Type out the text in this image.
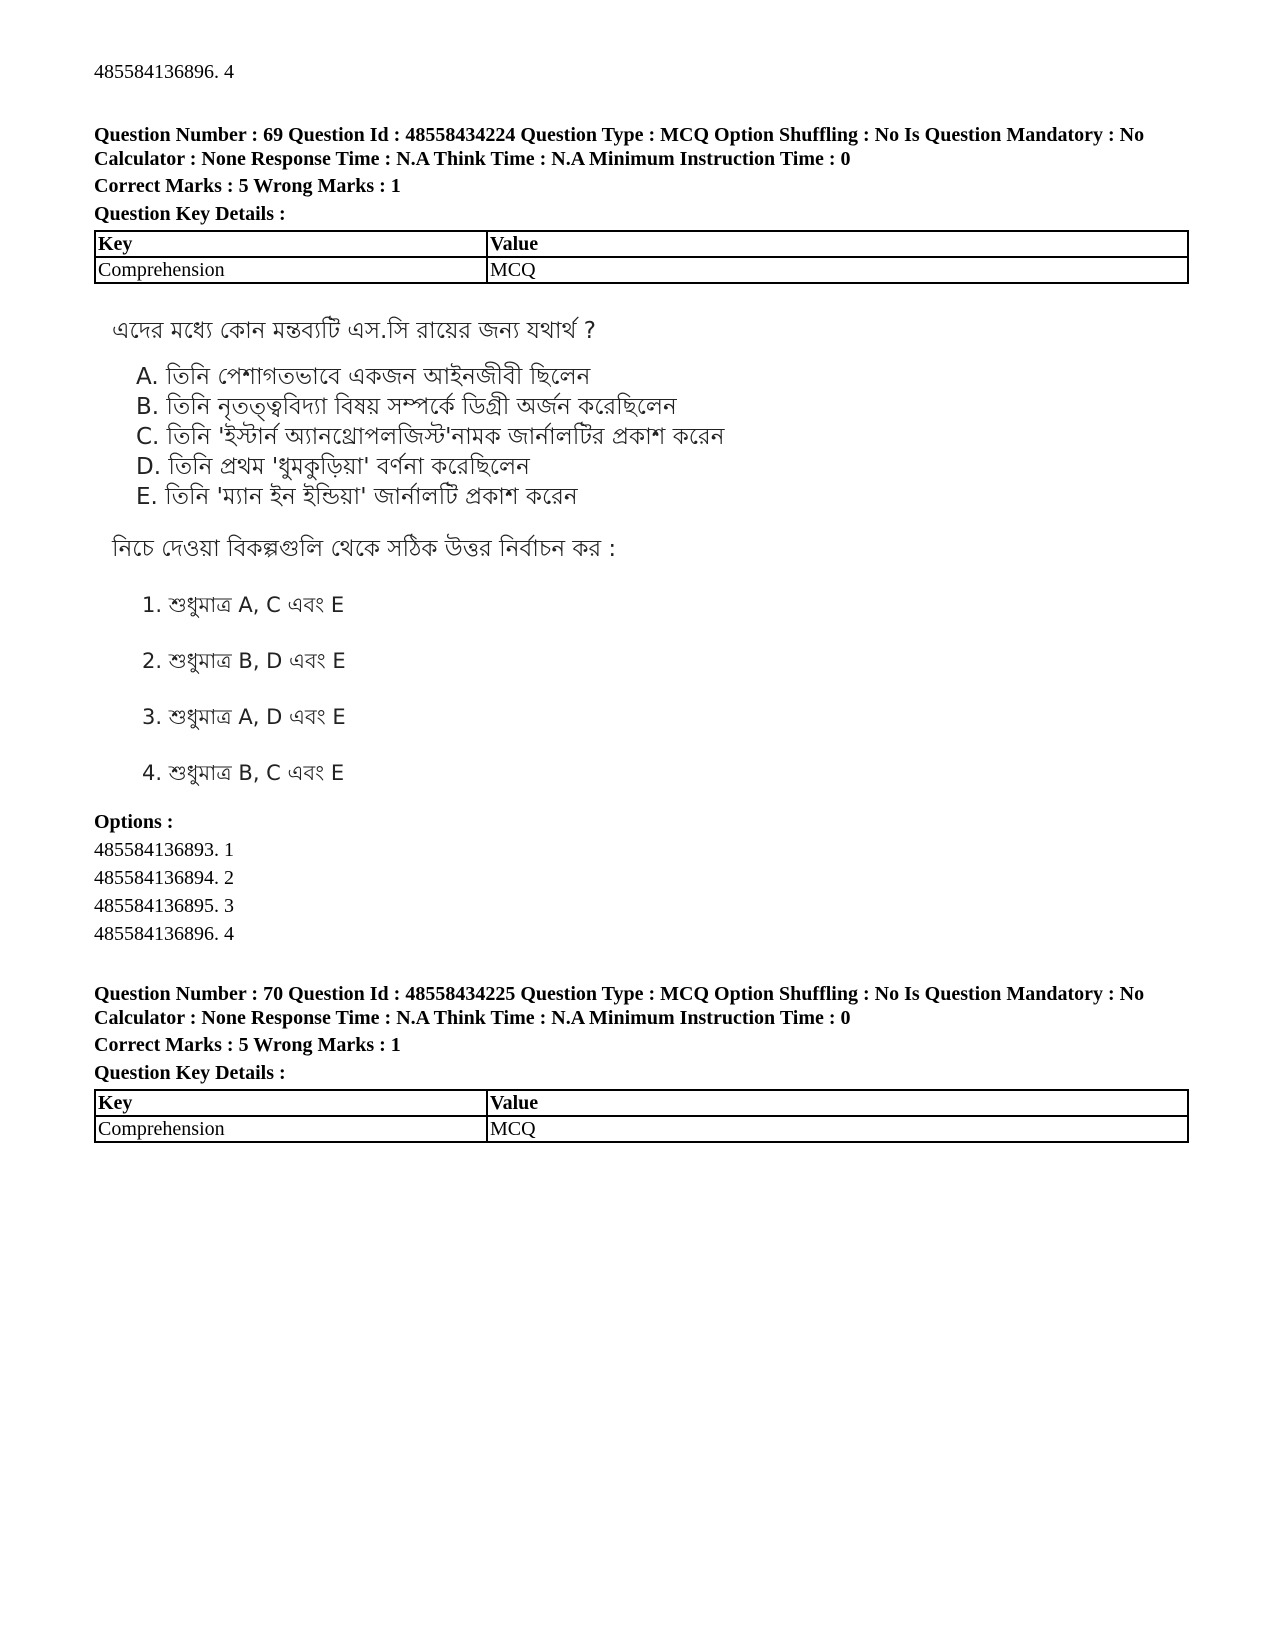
485584136896. 4
Question Number : 69 Question Id : 48558434224 Question Type : MCQ Option Shuffling : No Is Question Mandatory : No Calculator : None Response Time : N.A Think Time : N.A Minimum Instruction Time : 0
Correct Marks : 5 Wrong Marks : 1
Question Key Details :
Key	Value
Comprehension	MCQ
এদের মধ্যে কোন মন্তব্যটি এস.সি রায়ের জন্য যথার্থ ?
A. তিনি পেশাগতভাবে একজন আইনজীবী ছিলেন
B. তিনি নৃতত্ত্ববিদ্যা বিষয় সম্পর্কে ডিগ্রী অর্জন করেছিলেন
C. তিনি 'ইস্টার্ন অ্যানথ্রোপলজিস্ট'নামক জার্নালটির প্রকাশ করেন
D. তিনি প্রথম 'ধুমকুড়িয়া' বর্ণনা করেছিলেন
E. তিনি 'ম্যান ইন ইন্ডিয়া' জার্নালটি প্রকাশ করেন
নিচে দেওয়া বিকল্পগুলি থেকে সঠিক উত্তর নির্বাচন কর :
1. শুধুমাত্র A, C এবং E
2. শুধুমাত্র B, D এবং E
3. শুধুমাত্র A, D এবং E
4. শুধুমাত্র B, C এবং E
Options :
485584136893. 1
485584136894. 2
485584136895. 3
485584136896. 4
Question Number : 70 Question Id : 48558434225 Question Type : MCQ Option Shuffling : No Is Question Mandatory : No Calculator : None Response Time : N.A Think Time : N.A Minimum Instruction Time : 0
Correct Marks : 5 Wrong Marks : 1
Question Key Details :
Key	Value
Comprehension	MCQ
